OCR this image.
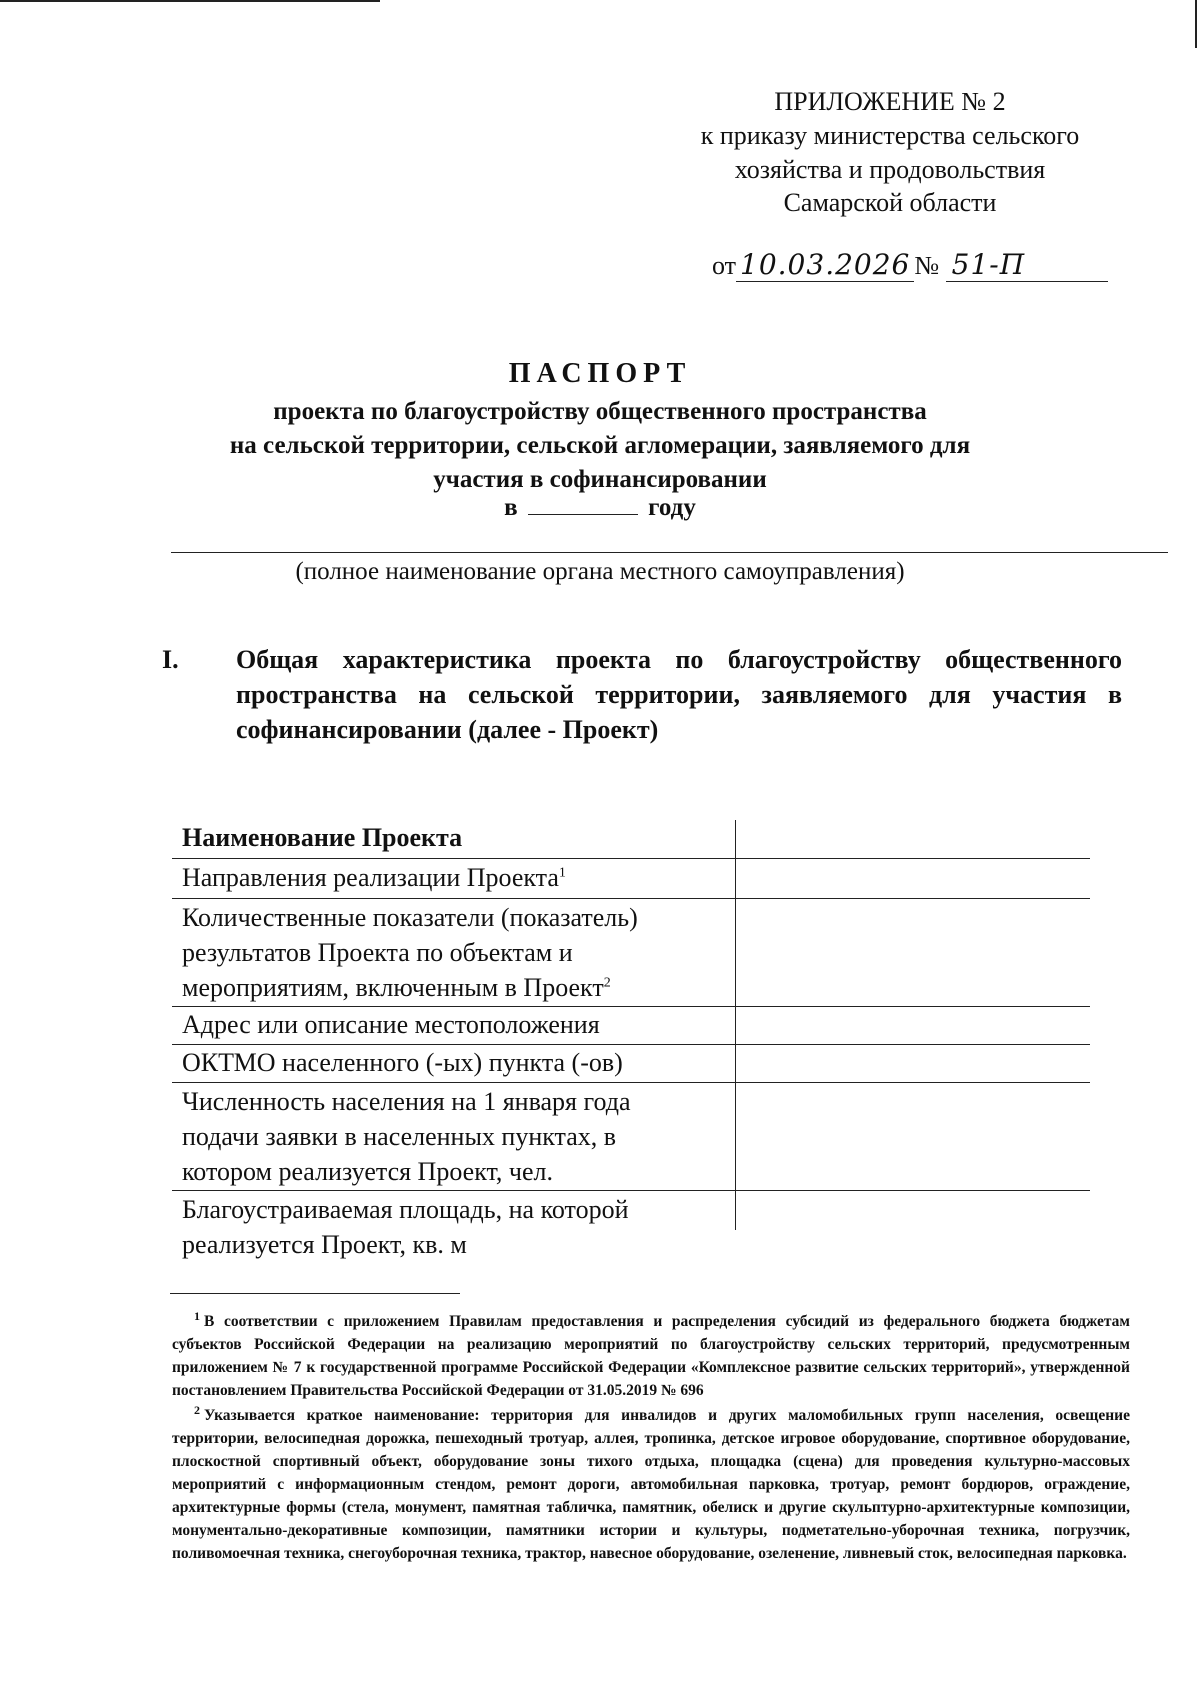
ПРИЛОЖЕНИЕ № 2
к приказу министерства сельского
хозяйства и продовольствия
Самарской области
от 10.03.2026 № 51-П
ПАСПОРТ
проекта по благоустройству общественного пространства
на сельской территории, сельской агломерации, заявляемого для
участия в софинансировании
в	году
(полное наименование органа местного самоуправления)
I. Общая характеристика проекта по благоустройству общественного пространства на сельской территории, заявляемого для участия в софинансировании (далее - Проект)
Наименование Проекта
Направления реализации Проекта$^1$
Количественные показатели (показатель) результатов Проекта по объектам и мероприятиям, включенным в Проект$^2$
Адрес или описание местоположения
ОКТМО населенного (-ых) пункта (-ов)
Численность населения на 1 января года подачи заявки в населенных пунктах, в котором реализуется Проект, чел.
Благоустраиваемая площадь, на которой реализуется Проект, кв. м
$^1$ В соответствии с приложением Правилам предоставления и распределения субсидий из федерального бюджета бюджетам субъектов Российской Федерации на реализацию мероприятий по благоустройству сельских территорий, предусмотренным приложением № 7 к государственной программе Российской Федерации «Комплексное развитие сельских территорий», утвержденной постановлением Правительства Российской Федерации от 31.05.2019 № 696
$^2$ Указывается краткое наименование: территория для инвалидов и других маломобильных групп населения, освещение территории, велосипедная дорожка, пешеходный тротуар, аллея, тропинка, детское игровое оборудование, спортивное оборудование, плоскостной спортивный объект, оборудование зоны тихого отдыха, площадка (сцена) для проведения культурно-массовых мероприятий с информационным стендом, ремонт дороги, автомобильная парковка, тротуар, ремонт бордюров, ограждение, архитектурные формы (стела, монумент, памятная табличка, памятник, обелиск и другие скульптурно-архитектурные композиции, монументально-декоративные композиции, памятники истории и культуры, подметательно-уборочная техника, погрузчик, поливомоечная техника, снегоуборочная техника, трактор, навесное оборудование, озеленение, ливневый сток, велосипедная парковка.
